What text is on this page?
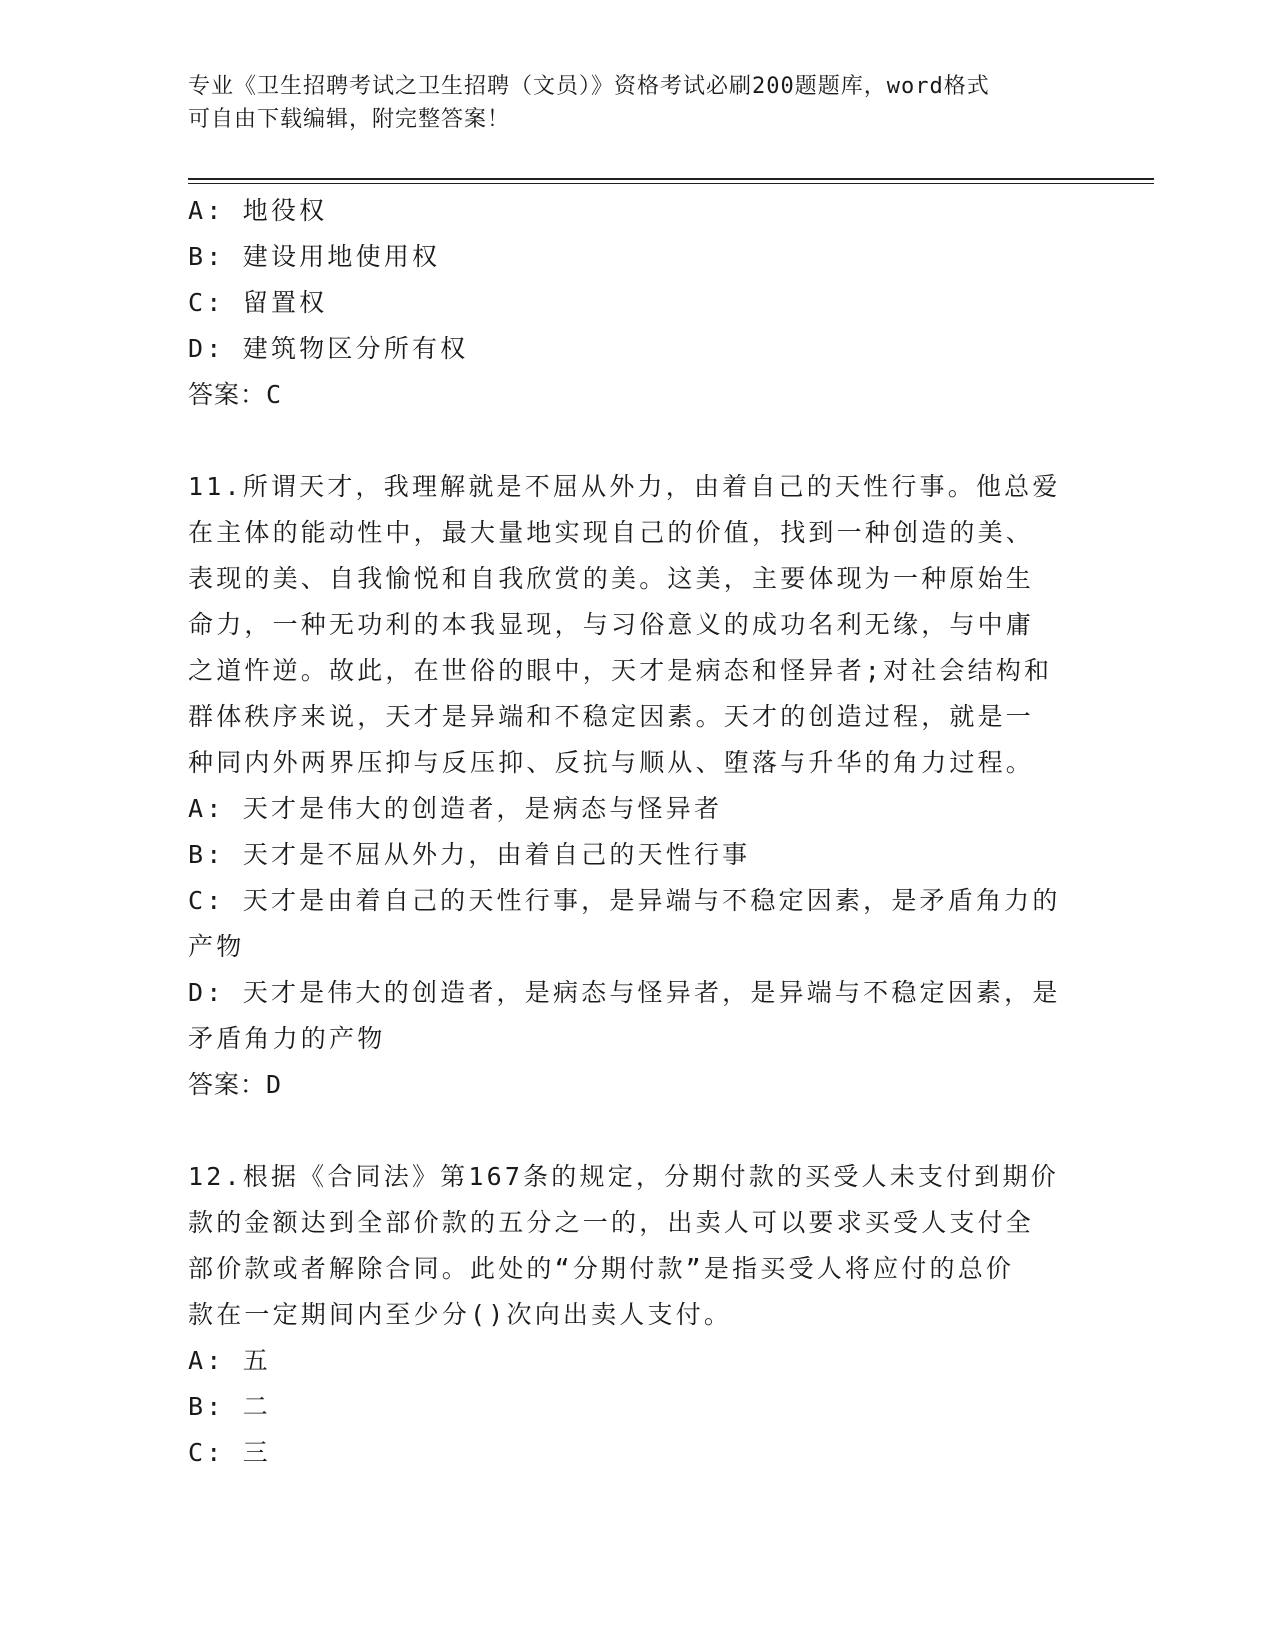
专业《卫生招聘考试之卫生招聘（文员）》资格考试必刷200题题库，word格式
可自由下载编辑，附完整答案！
A: 地役权
B: 建设用地使用权
C: 留置权
D: 建筑物区分所有权
答案：C
11.所谓天才，我理解就是不屈从外力，由着自己的天性行事。他总爱
在主体的能动性中，最大量地实现自己的价值，找到一种创造的美、
表现的美、自我愉悦和自我欣赏的美。这美，主要体现为一种原始生
命力，一种无功利的本我显现，与习俗意义的成功名利无缘，与中庸
之道忤逆。故此，在世俗的眼中，天才是病态和怪异者;对社会结构和
群体秩序来说，天才是异端和不稳定因素。天才的创造过程，就是一
种同内外两界压抑与反压抑、反抗与顺从、堕落与升华的角力过程。
A: 天才是伟大的创造者，是病态与怪异者
B: 天才是不屈从外力，由着自己的天性行事
C: 天才是由着自己的天性行事，是异端与不稳定因素，是矛盾角力的
产物
D: 天才是伟大的创造者，是病态与怪异者，是异端与不稳定因素，是
矛盾角力的产物
答案：D
12.根据《合同法》第167条的规定，分期付款的买受人未支付到期价
款的金额达到全部价款的五分之一的，出卖人可以要求买受人支付全
部价款或者解除合同。此处的“分期付款”是指买受人将应付的总价
款在一定期间内至少分()次向出卖人支付。
A: 五
B: 二
C: 三
